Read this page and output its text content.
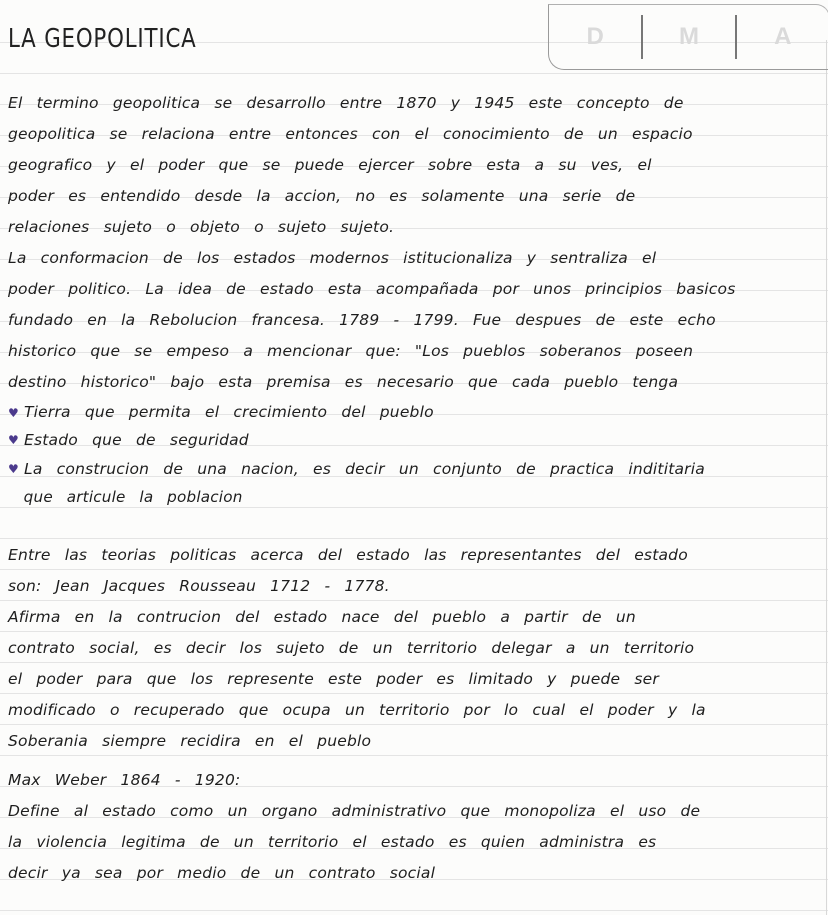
LA GEOPOLITICA	D	M	A
El termino geopolitica se desarrollo entre 1870 y 1945 este concepto de
geopolitica se relaciona entre entonces con el conocimiento de un espacio
geografico y el poder que se puede ejercer sobre esta a su ves, el
poder es entendido desde la accion, no es solamente una serie de
relaciones sujeto o objeto o sujeto sujeto.
La conformacion de los estados modernos istitucionaliza y sentraliza el
poder politico. La idea de estado esta acompañada por unos principios basicos
fundado en la Rebolucion francesa. 1789 - 1799. Fue despues de este echo
historico que se empeso a mencionar que: "Los pueblos soberanos poseen
destino historico" bajo esta premisa es necesario que cada pueblo tenga
♥ Tierra que permita el crecimiento del pueblo
♥ Estado que de seguridad
♥ La construcion de una nacion, es decir un conjunto de practica indititaria
que articule la poblacion
Entre las teorias politicas acerca del estado las representantes del estado
son: Jean Jacques Rousseau 1712 - 1778.
Afirma en la contrucion del estado nace del pueblo a partir de un
contrato social, es decir los sujeto de un territorio delegar a un territorio
el poder para que los represente este poder es limitado y puede ser
modificado o recuperado que ocupa un territorio por lo cual el poder y la
Soberania siempre recidira en el pueblo
Max Weber 1864 - 1920:
Define al estado como un organo administrativo que monopoliza el uso de
la violencia legitima de un territorio el estado es quien administra es
decir ya sea por medio de un contrato social
